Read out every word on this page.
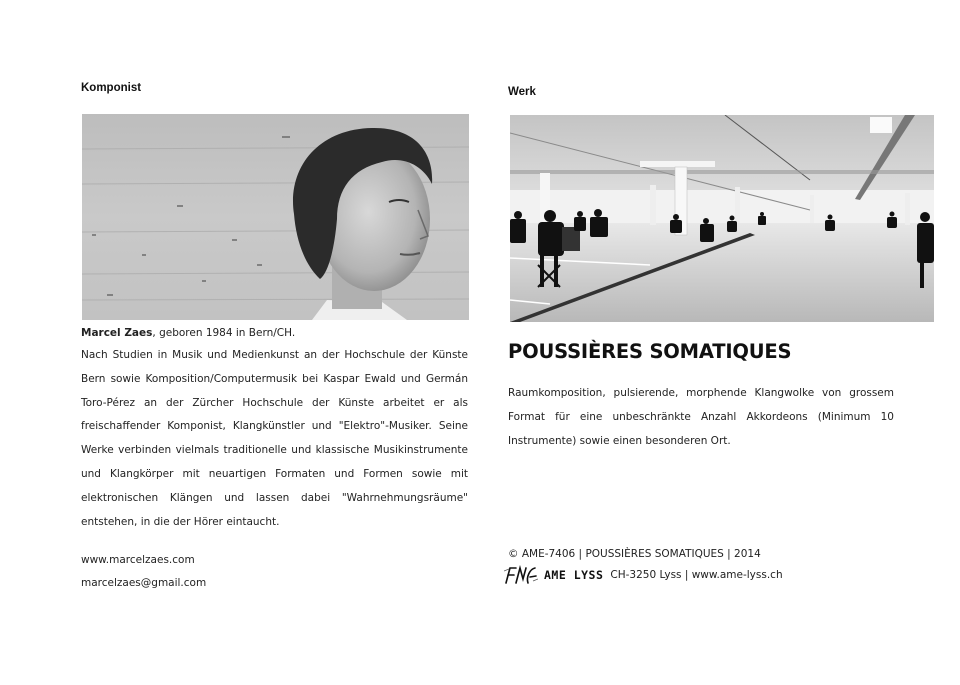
Komponist
Marcel Zaes, geboren 1984 in Bern/CH.

Nach Studien in Musik und Medienkunst an der Hochschule der Künste Bern sowie Komposition/Computermusik bei Kaspar Ewald und Germán Toro-Pérez an der Zürcher Hochschule der Künste arbeitet er als freischaffender Komponist, Klangkünstler und "Elektro"-Musiker. Seine Werke verbinden vielmals traditionelle und klassische Musikinstrumente und Klangkörper mit neuartigen Formaten und Formen sowie mit elektronischen Klängen und lassen dabei "Wahrnehmungsräume" entstehen, in die der Hörer eintaucht.

www.marcelzaes.com
marcelzaes@gmail.com
Werk
POUSSIÈRES SOMATIQUES

Raumkomposition, pulsierende, morphende Klangwolke von grossem Format für eine unbeschränkte Anzahl Akkordeons (Minimum 10 Instrumente) sowie einen besonderen Ort.

© AME-7406 | POUSSIÈRES SOMATIQUES | 2014
AME LYSS CH-3250 Lyss | www.ame-lyss.ch
